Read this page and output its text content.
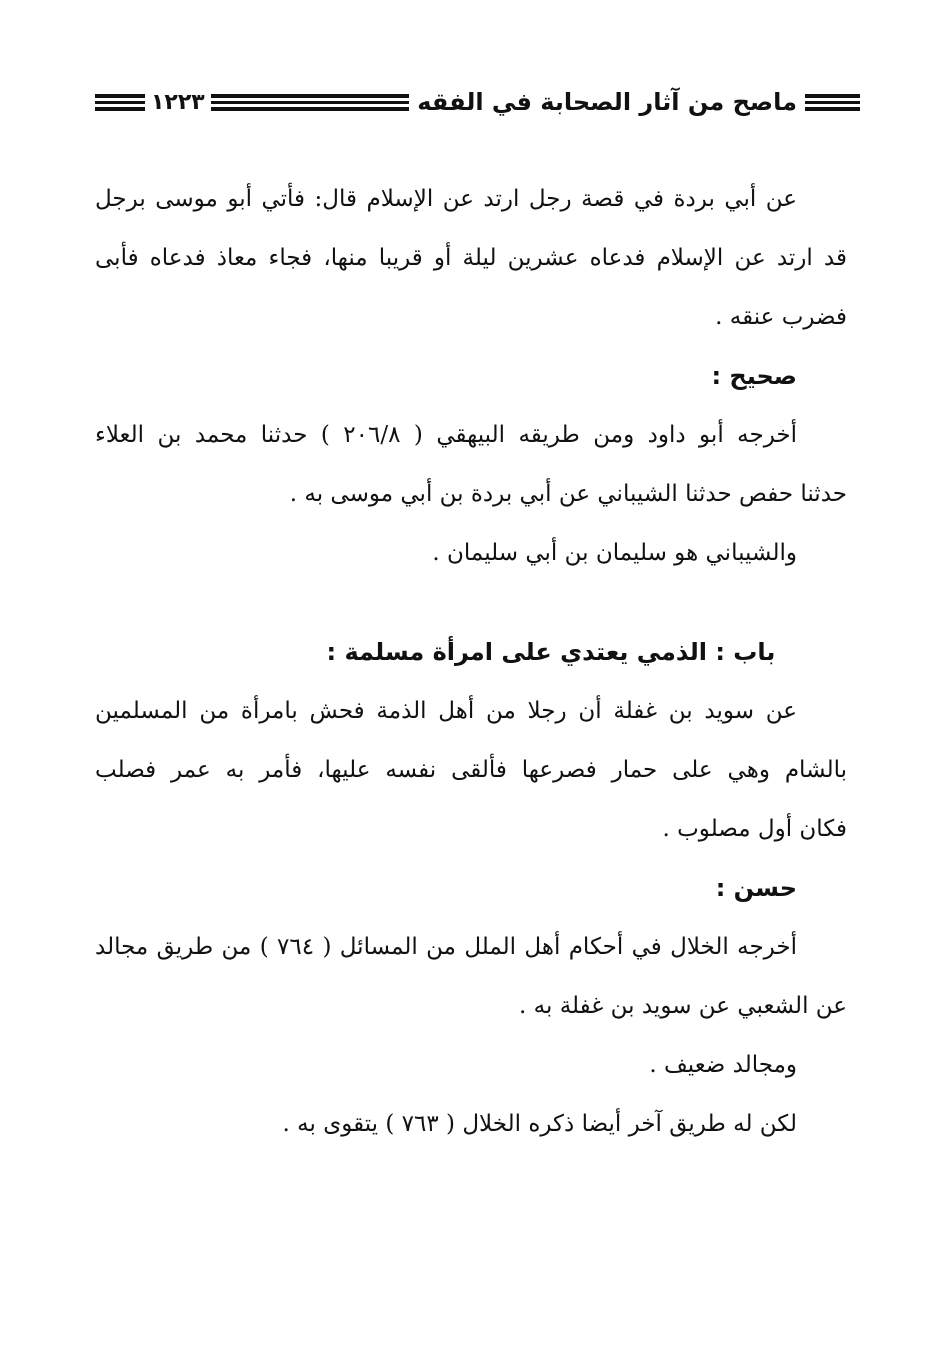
ماصح من آثار الصحابة في الفقه
١٢٢٣
عن أبي بردة في قصة رجل ارتد عن الإسلام قال: فأتي أبو موسى برجل
قد ارتد عن الإسلام فدعاه عشرين ليلة أو قريبا منها، فجاء معاذ فدعاه فأبى
فضرب عنقه .
صحيح :
أخرجه أبو داود ومن طريقه البيهقي ( ٢٠٦/٨ ) حدثنا محمد بن العلاء
حدثنا حفص حدثنا الشيباني عن أبي بردة بن أبي موسى به .
والشيباني هو سليمان بن أبي سليمان .
باب : الذمي يعتدي على امرأة مسلمة :
عن سويد بن غفلة أن رجلا من أهل الذمة فحش بامرأة من المسلمين
بالشام وهي على حمار فصرعها فألقى نفسه عليها، فأمر به عمر فصلب
فكان أول مصلوب .
حسن :
أخرجه الخلال في أحكام أهل الملل من المسائل ( ٧٦٤ ) من طريق مجالد
عن الشعبي عن سويد بن غفلة به .
ومجالد ضعيف .
لكن له طريق آخر أيضا ذكره الخلال ( ٧٦٣ ) يتقوى به .
